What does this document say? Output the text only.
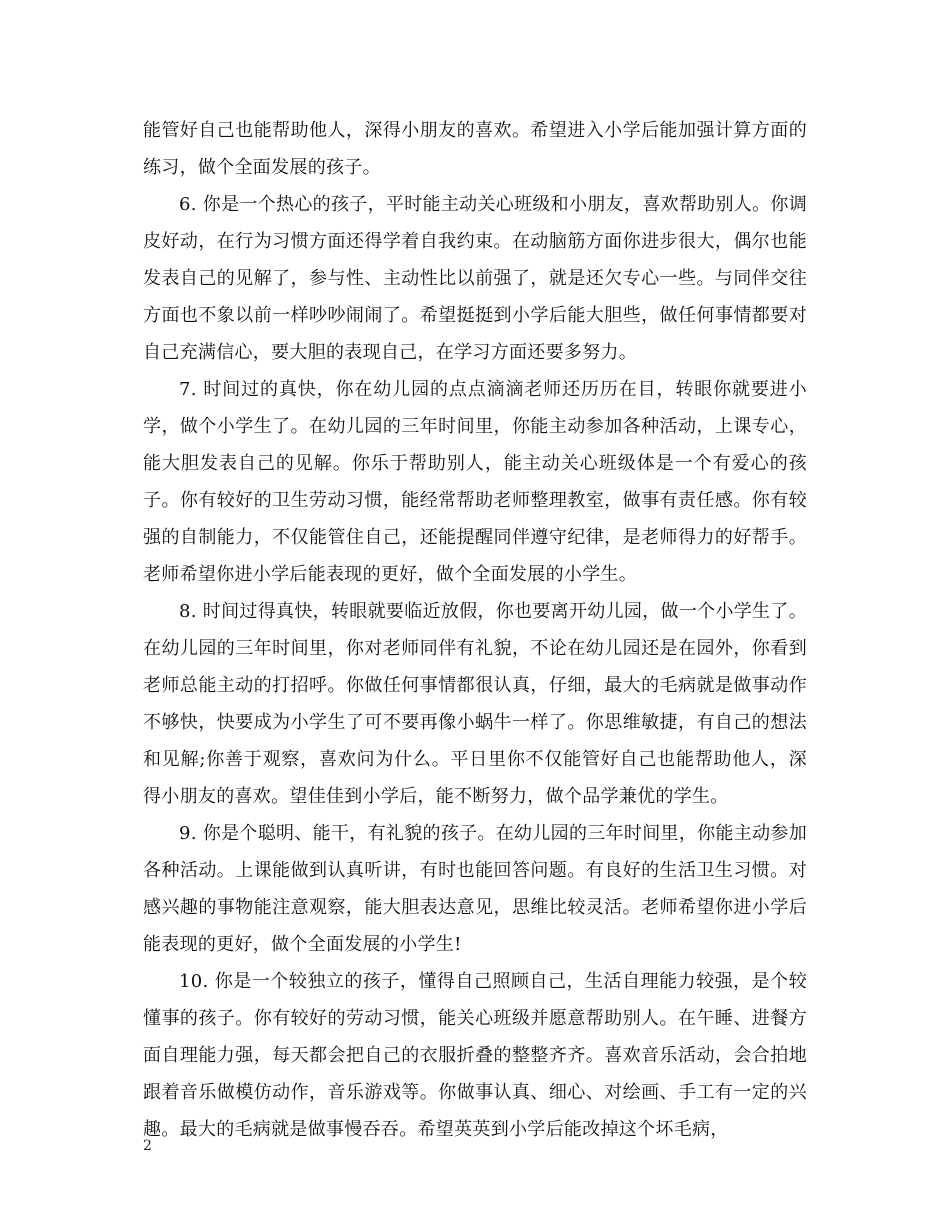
能管好自己也能帮助他人，深得小朋友的喜欢。希望进入小学后能加强计算方面的练习，做个全面发展的孩子。

6. 你是一个热心的孩子，平时能主动关心班级和小朋友，喜欢帮助别人。你调皮好动，在行为习惯方面还得学着自我约束。在动脑筋方面你进步很大，偶尔也能发表自己的见解了，参与性、主动性比以前强了，就是还欠专心一些。与同伴交往方面也不象以前一样吵吵闹闹了。希望挺挺到小学后能大胆些，做任何事情都要对自己充满信心，要大胆的表现自己，在学习方面还要多努力。

7. 时间过的真快，你在幼儿园的点点滴滴老师还历历在目，转眼你就要进小学，做个小学生了。在幼儿园的三年时间里，你能主动参加各种活动，上课专心，能大胆发表自己的见解。你乐于帮助别人，能主动关心班级体是一个有爱心的孩子。你有较好的卫生劳动习惯，能经常帮助老师整理教室，做事有责任感。你有较强的自制能力，不仅能管住自己，还能提醒同伴遵守纪律，是老师得力的好帮手。老师希望你进小学后能表现的更好，做个全面发展的小学生。

8. 时间过得真快，转眼就要临近放假，你也要离开幼儿园，做一个小学生了。在幼儿园的三年时间里，你对老师同伴有礼貌，不论在幼儿园还是在园外，你看到老师总能主动的打招呼。你做任何事情都很认真，仔细，最大的毛病就是做事动作不够快，快要成为小学生了可不要再像小蜗牛一样了。你思维敏捷，有自己的想法和见解;你善于观察，喜欢问为什么。平日里你不仅能管好自己也能帮助他人，深得小朋友的喜欢。望佳佳到小学后，能不断努力，做个品学兼优的学生。

9. 你是个聪明、能干，有礼貌的孩子。在幼儿园的三年时间里，你能主动参加各种活动。上课能做到认真听讲，有时也能回答问题。有良好的生活卫生习惯。对感兴趣的事物能注意观察，能大胆表达意见，思维比较灵活。老师希望你进小学后能表现的更好，做个全面发展的小学生!

10. 你是一个较独立的孩子，懂得自己照顾自己，生活自理能力较强，是个较懂事的孩子。你有较好的劳动习惯，能关心班级并愿意帮助别人。在午睡、进餐方面自理能力强，每天都会把自己的衣服折叠的整整齐齐。喜欢音乐活动，会合拍地跟着音乐做模仿动作，音乐游戏等。你做事认真、细心、对绘画、手工有一定的兴趣。最大的毛病就是做事慢吞吞。希望英英到小学后能改掉这个坏毛病，

2
